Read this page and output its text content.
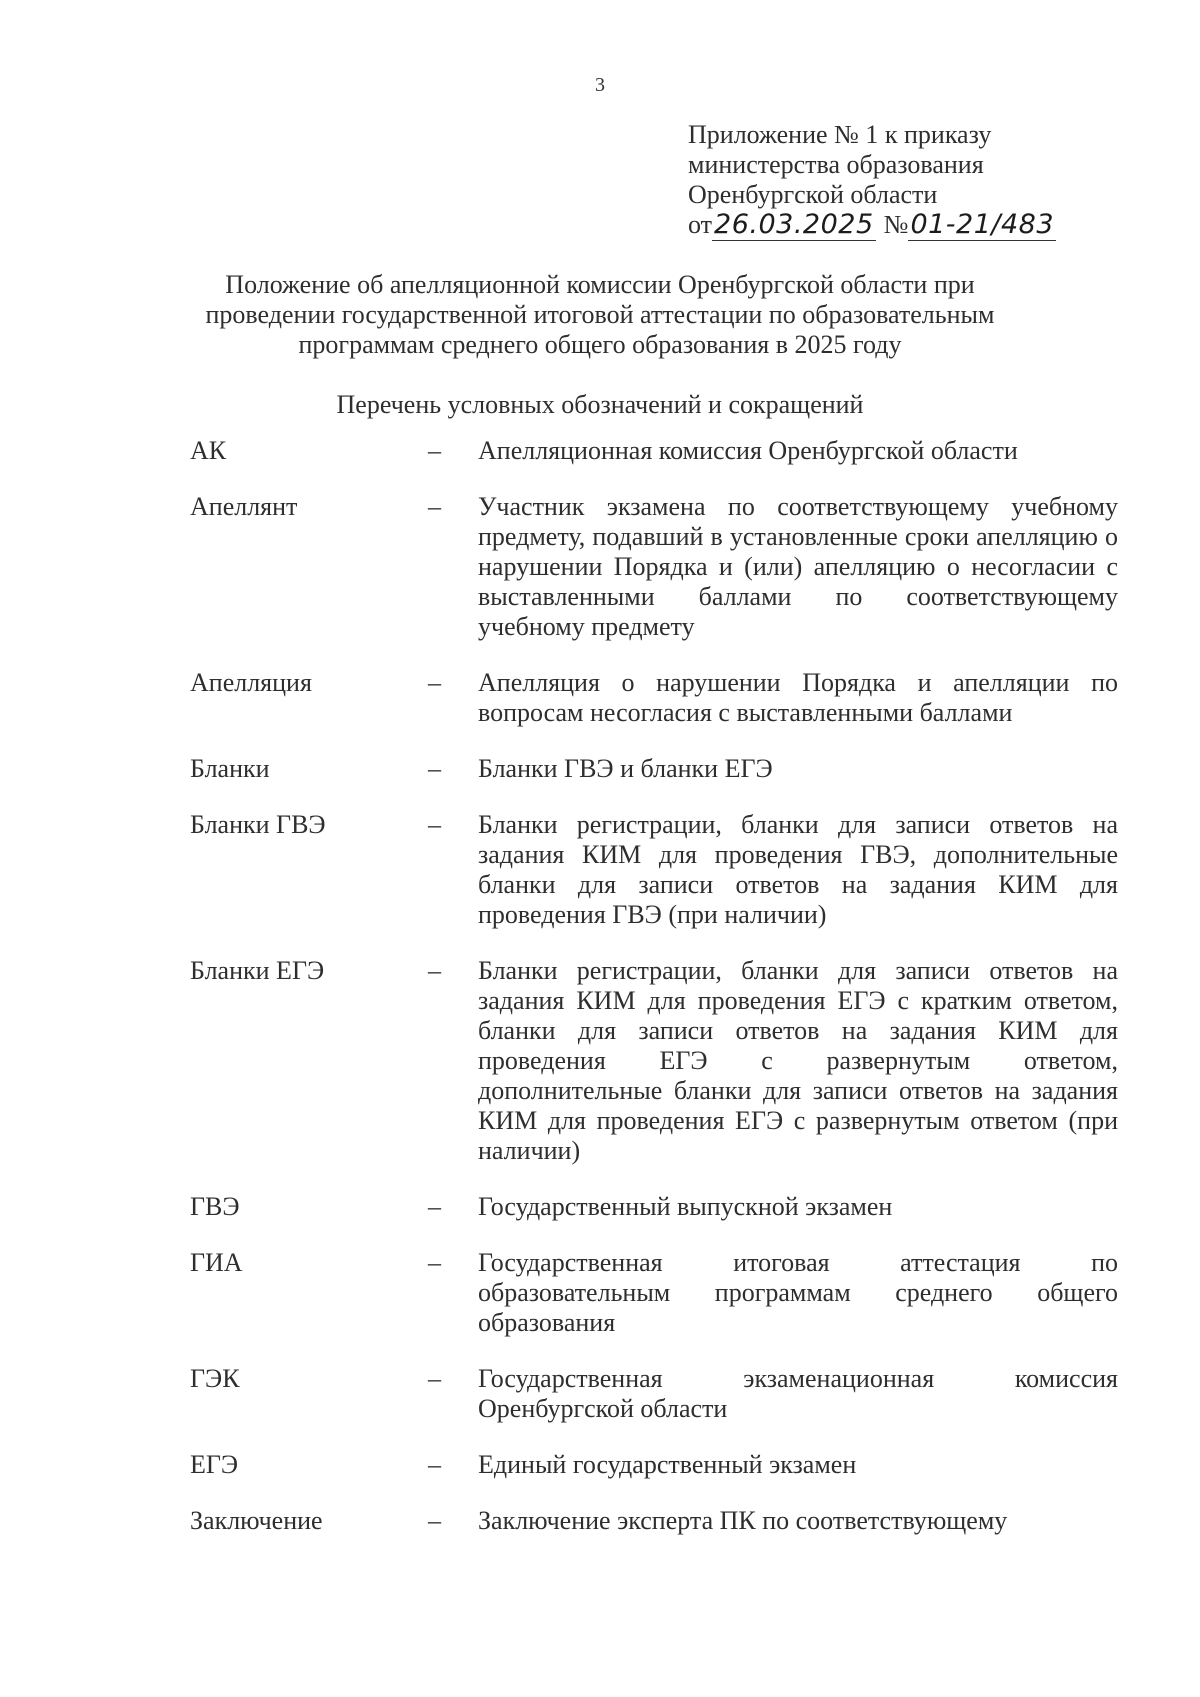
3
Приложение № 1 к приказу
министерства образования
Оренбургской области
от26.03.2025 №01-21/483
Положение об апелляционной комиссии Оренбургской области при
проведении государственной итоговой аттестации по образовательным
программам среднего общего образования в 2025 году
Перечень условных обозначений и сокращений
АК	–	Апелляционная комиссия Оренбургской области
Апеллянт	–	Участник экзамена по соответствующему учебному предмету, подавший в установленные сроки апелляцию о нарушении Порядка и (или) апелляцию о несогласии с выставленными баллами по соответствующему учебному предмету
Апелляция	–	Апелляция о нарушении Порядка и апелляции по вопросам несогласия с выставленными баллами
Бланки	–	Бланки ГВЭ и бланки ЕГЭ
Бланки ГВЭ	–	Бланки регистрации, бланки для записи ответов на задания КИМ для проведения ГВЭ, дополнительные бланки для записи ответов на задания КИМ для проведения ГВЭ (при наличии)
Бланки ЕГЭ	–	Бланки регистрации, бланки для записи ответов на задания КИМ для проведения ЕГЭ с кратким ответом, бланки для записи ответов на задания КИМ для проведения ЕГЭ с развернутым ответом, дополнительные бланки для записи ответов на задания КИМ для проведения ЕГЭ с развернутым ответом (при наличии)
ГВЭ	–	Государственный выпускной экзамен
ГИА	–	Государственная итоговая аттестация по образовательным программам среднего общего образования
ГЭК	–	Государственная экзаменационная комиссия Оренбургской области
ЕГЭ	–	Единый государственный экзамен
Заключение	–	Заключение эксперта ПК по соответствующему
